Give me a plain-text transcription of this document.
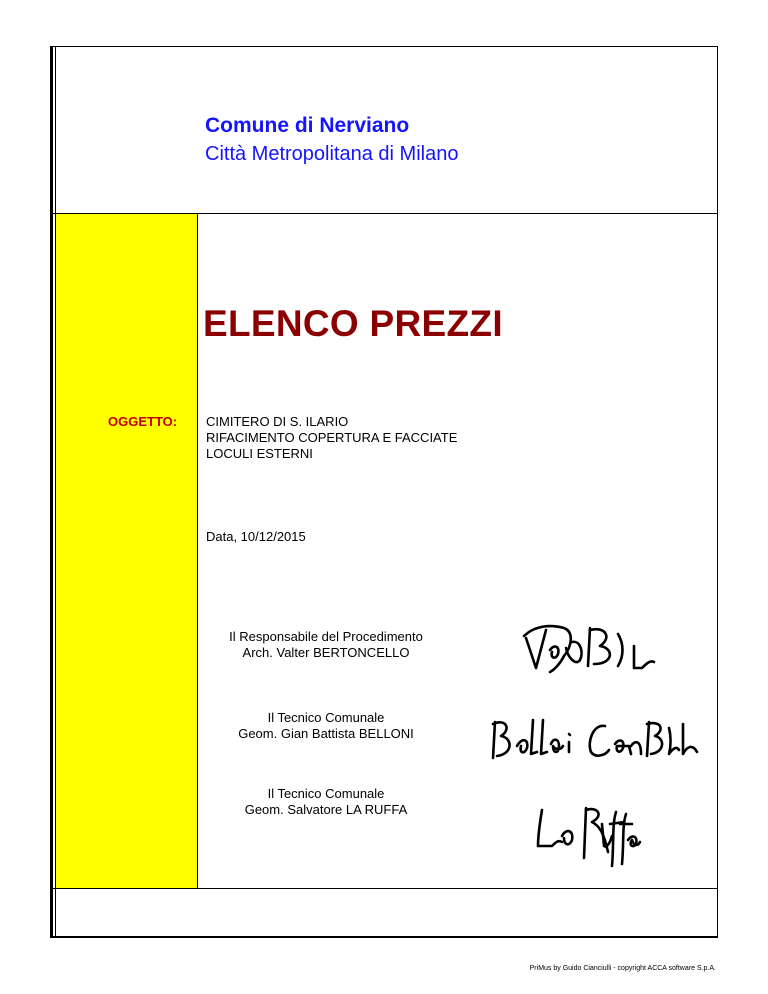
Comune di Nerviano
Città Metropolitana di Milano
ELENCO PREZZI
OGGETTO: CIMITERO DI S. ILARIO
RIFACIMENTO COPERTURA E FACCIATE
LOCULI ESTERNI
Data, 10/12/2015
Il Responsabile del Procedimento
Arch. Valter BERTONCELLO
Il Tecnico Comunale
Geom. Gian Battista BELLONI
Il Tecnico Comunale
Geom. Salvatore LA RUFFA
PriMus by Guido Cianciulli - copyright ACCA software S.p.A.
